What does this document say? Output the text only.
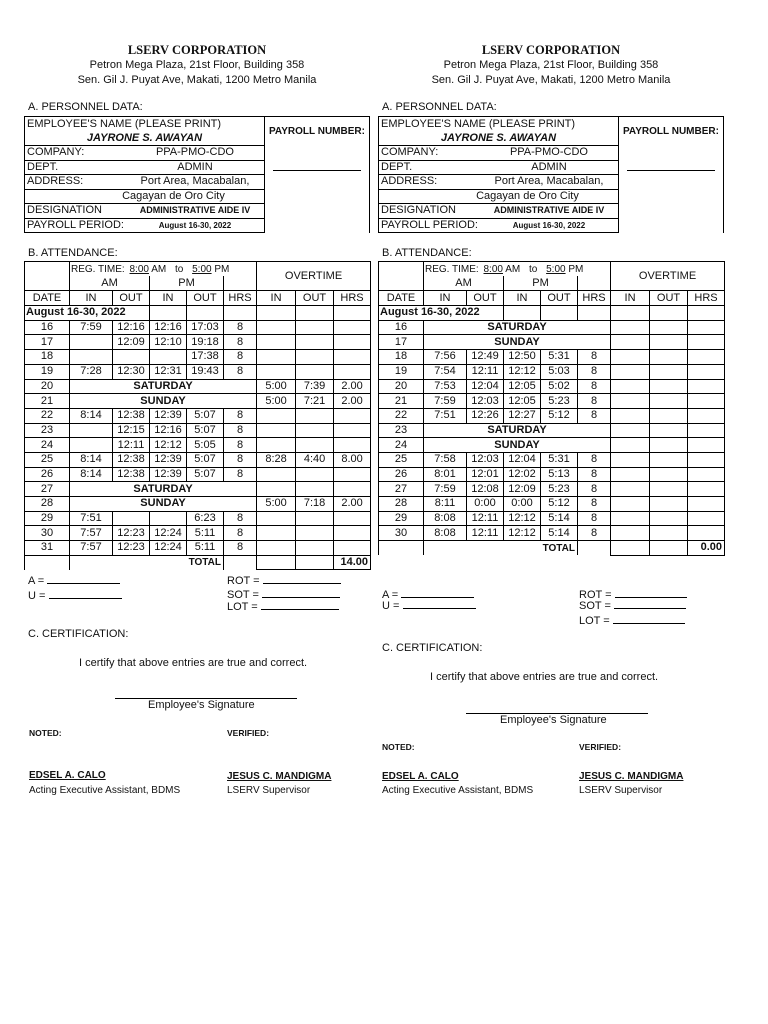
LSERV CORPORATION
Petron Mega Plaza, 21st Floor, Building 358
Sen. Gil J. Puyat Ave, Makati, 1200 Metro Manila
A. PERSONNEL DATA:
EMPLOYEE'S NAME (PLEASE PRINT)		PAYROLL NUMBER:
JAYRONE S. AWAYAN		
COMPANY:	PPA-PMO-CDO	

DEPT.	ADMIN	
ADDRESS:	Port Area, Macabalan,	
Cagayan de Oro City		
DESIGNATION	ADMINISTRATIVE AIDE IV	
PAYROLL PERIOD:	August 16-30, 2022	
B. ATTENDANCE:
	REG. TIME: 8:00 AM to 5:00 PM					OVERTIME		
	AM		PM					
DATE	IN	OUT	IN	OUT	HRS	IN	OUT	HRS
August 16-30, 2022								
16	7:59	12:16	12:16	17:03	8			
17		12:09	12:10	19:18	8			
18				17:38	8			
19	7:28	12:30	12:31	19:43	8			
20	SATURDAY					5:00	7:39	2.00
21	SUNDAY					5:00	7:21	2.00
22	8:14	12:38	12:39	5:07	8			
23		12:15	12:16	5:07	8			
24		12:11	12:12	5:05	8			
25	8:14	12:38	12:39	5:07	8	8:28	4:40	8.00
26	8:14	12:38	12:39	5:07	8			
27	SATURDAY							
28	SUNDAY					5:00	7:18	2.00
29	7:51			6:23	8			
30	7:57	12:23	12:24	5:11	8			
31	7:57	12:23	12:24	5:11	8			
	TOTAL							14.00
A =
U =
ROT =
SOT =
LOT =
C. CERTIFICATION:
I certify that above entries are true and correct.
Employee's Signature
NOTED:	VERIFIED:
EDSEL A. CALO	JESUS C. MANDIGMA
Acting Executive Assistant, BDMS	LSERV Supervisor
LSERV CORPORATION
Petron Mega Plaza, 21st Floor, Building 358
Sen. Gil J. Puyat Ave, Makati, 1200 Metro Manila
A. PERSONNEL DATA:
EMPLOYEE'S NAME (PLEASE PRINT)		PAYROLL NUMBER:
JAYRONE S. AWAYAN		
COMPANY:	PPA-PMO-CDO	

DEPT.	ADMIN	
ADDRESS:	Port Area, Macabalan,	
Cagayan de Oro City		
DESIGNATION	ADMINISTRATIVE AIDE IV	
PAYROLL PERIOD:	August 16-30, 2022	
B. ATTENDANCE:
	REG. TIME: 8:00 AM to 5:00 PM					OVERTIME		
	AM		PM					
DATE	IN	OUT	IN	OUT	HRS	IN	OUT	HRS
August 16-30, 2022								
16	SATURDAY							
17	SUNDAY							
18	7:56	12:49	12:50	5:31	8			
19	7:54	12:11	12:12	5:03	8			
20	7:53	12:04	12:05	5:02	8			
21	7:59	12:03	12:05	5:23	8			
22	7:51	12:26	12:27	5:12	8			
23	SATURDAY							
24	SUNDAY							
25	7:58	12:03	12:04	5:31	8			
26	8:01	12:01	12:02	5:13	8			
27	7:59	12:08	12:09	5:23	8			
28	8:11	0:00	0:00	5:12	8			
29	8:08	12:11	12:12	5:14	8			
30	8:08	12:11	12:12	5:14	8			
	TOTAL							0.00
A =
U =
ROT =
SOT =
LOT =
C. CERTIFICATION:
I certify that above entries are true and correct.
Employee's Signature
NOTED:	VERIFIED:
EDSEL A. CALO	JESUS C. MANDIGMA
Acting Executive Assistant, BDMS	LSERV Supervisor
